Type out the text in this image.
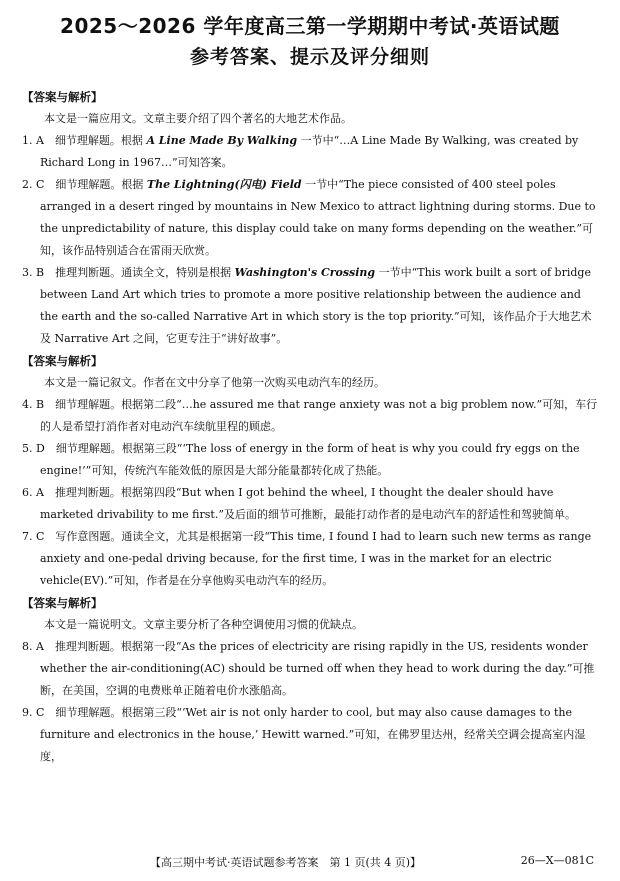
2025～2026 学年度高三第一学期期中考试·英语试题
参考答案、提示及评分细则
【答案与解析】
本文是一篇应用文。文章主要介绍了四个著名的大地艺术作品。
1. A  细节理解题。根据 A Line Made By Walking 一节中“…A Line Made By Walking, was created by Richard Long in 1967…”可知答案。
2. C  细节理解题。根据 The Lightning(闪电) Field 一节中“The piece consisted of 400 steel poles arranged in a desert ringed by mountains in New Mexico to attract lightning during storms. Due to the unpredictability of nature, this display could take on many forms depending on the weather.”可知，该作品特别适合在雷雨天欣赏。
3. B  推理判断题。通读全文，特别是根据 Washington's Crossing 一节中“This work built a sort of bridge between Land Art which tries to promote a more positive relationship between the audience and the earth and the so-called Narrative Art in which story is the top priority.”可知，该作品介于大地艺术及 Narrative Art 之间，它更专注于“讲好故事”。
【答案与解析】
本文是一篇记叙文。作者在文中分享了他第一次购买电动汽车的经历。
4. B  细节理解题。根据第二段“…he assured me that range anxiety was not a big problem now.”可知，车行的人是希望打消作者对电动汽车续航里程的顾虑。
5. D  细节理解题。根据第三段“‘The loss of energy in the form of heat is why you could fry eggs on the engine!’”可知，传统汽车能效低的原因是大部分能量都转化成了热能。
6. A  推理判断题。根据第四段“But when I got behind the wheel, I thought the dealer should have marketed drivability to me first.”及后面的细节可推断，最能打动作者的是电动汽车的舒适性和驾驶简单。
7. C  写作意图题。通读全文，尤其是根据第一段“This time, I found I had to learn such new terms as range anxiety and one-pedal driving because, for the first time, I was in the market for an electric vehicle(EV).”可知，作者是在分享他购买电动汽车的经历。
【答案与解析】
本文是一篇说明文。文章主要分析了各种空调使用习惯的优缺点。
8. A  推理判断题。根据第一段“As the prices of electricity are rising rapidly in the US, residents wonder whether the air-conditioning(AC) should be turned off when they head to work during the day.”可推断，在美国，空调的电费账单正随着电价水涨船高。
9. C  细节理解题。根据第三段“‘Wet air is not only harder to cool, but may also cause damages to the furniture and electronics in the house,’ Hewitt warned.”可知，在佛罗里达州，经常关空调会提高室内湿度，
【高三期中考试·英语试题参考答案　第 1 页(共 4 页)】	26—X—081C
